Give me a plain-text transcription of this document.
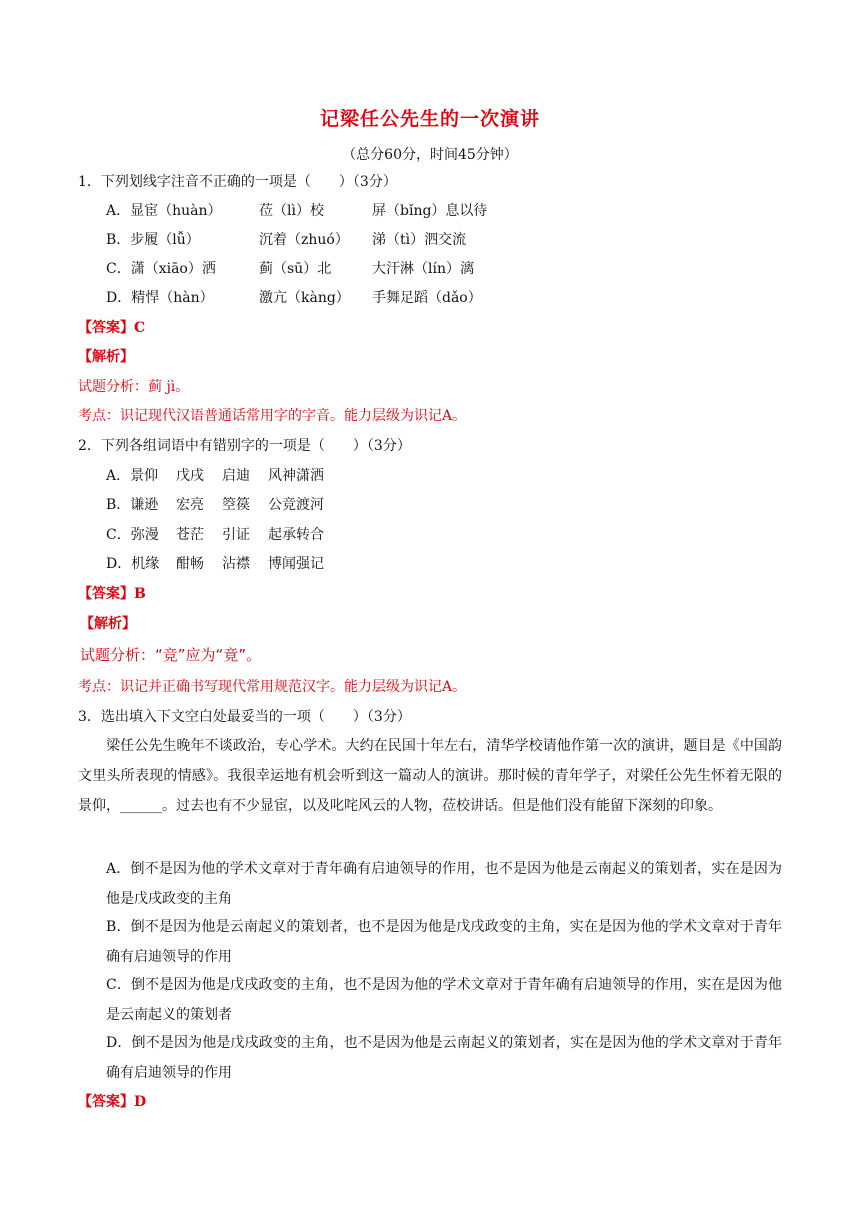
记梁任公先生的一次演讲
（总分60分，时间45分钟）
1．下列划线字注音不正确的一项是（　　）（3分）
A．显宦（huàn）	莅（lì）校	屏（bǐng）息以待
B．步履（lǚ）	沉着（zhuó） 涕（tì）泗交流
C．潇（xiāo）洒	蓟（sū）北	大汗淋（lín）漓
D．精悍（hàn）	激亢（kàng） 手舞足蹈（dǎo）
【答案】C
【解析】
试题分析：蓟 jì。
考点：识记现代汉语普通话常用字的字音。能力层级为识记A。
2．下列各组词语中有错别字的一项是（　　）（3分）
A．景仰 戊戌 启迪 风神潇洒
B．谦逊 宏亮 箜篌 公竞渡河
C．弥漫 苍茫 引证 起承转合
D．机缘 酣畅 沾襟 博闻强记
【答案】B
【解析】
试题分析：“竞”应为“竟”。
考点：识记并正确书写现代常用规范汉字。能力层级为识记A。
3．选出填入下文空白处最妥当的一项（　　）（3分）
梁任公先生晚年不谈政治，专心学术。大约在民国十年左右，清华学校请他作第一次的演讲，题目是《中国韵文里头所表现的情感》。我很幸运地有机会听到这一篇动人的演讲。那时候的青年学子，对梁任公先生怀着无限的景仰，______。过去也有不少显宦，以及叱咤风云的人物，莅校讲话。但是他们没有能留下深刻的印象。
A．倒不是因为他的学术文章对于青年确有启迪领导的作用，也不是因为他是云南起义的策划者，实在是因为他是戊戌政变的主角
B．倒不是因为他是云南起义的策划者，也不是因为他是戊戌政变的主角，实在是因为他的学术文章对于青年确有启迪领导的作用
C．倒不是因为他是戊戌政变的主角，也不是因为他的学术文章对于青年确有启迪领导的作用，实在是因为他是云南起义的策划者
D．倒不是因为他是戊戌政变的主角，也不是因为他是云南起义的策划者，实在是因为他的学术文章对于青年确有启迪领导的作用
【答案】D
